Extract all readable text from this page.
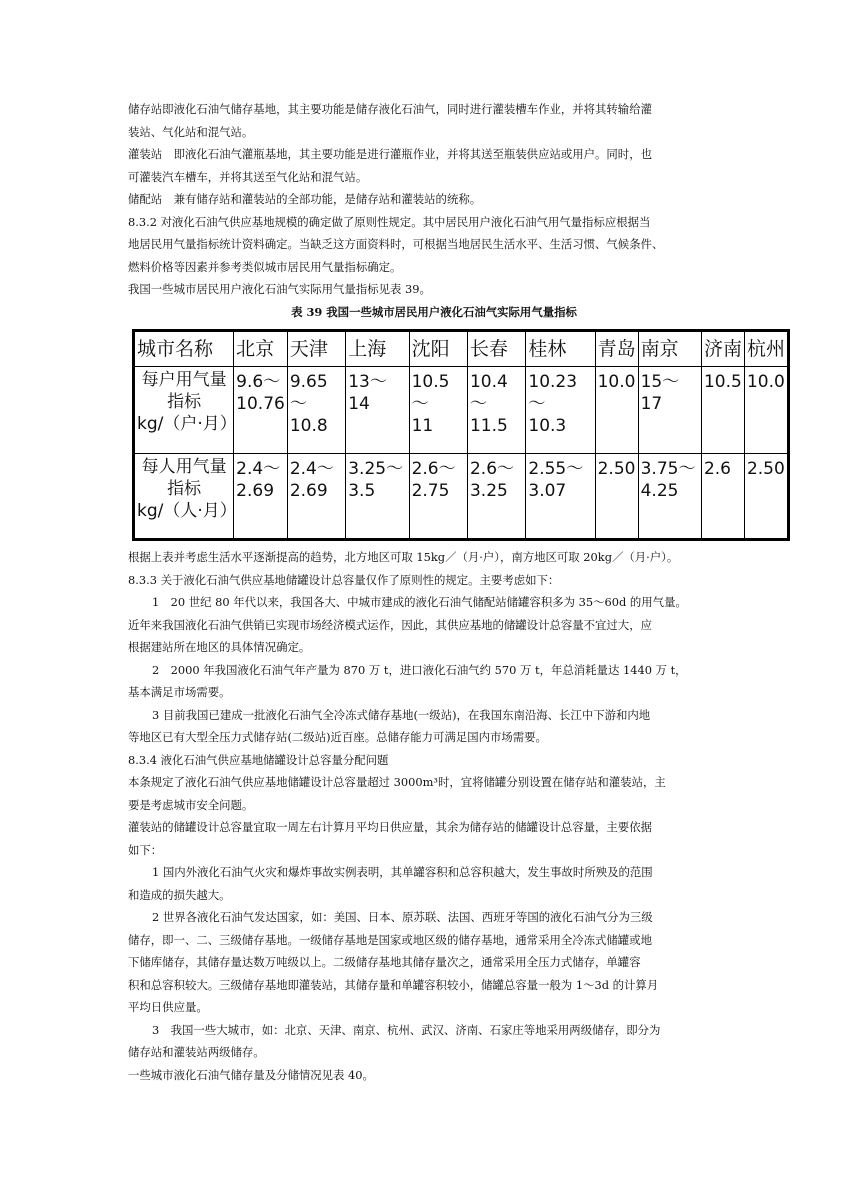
储存站即液化石油气储存基地，其主要功能是储存液化石油气，同时进行灌装槽车作业，并将其转输给灌
装站、气化站和混气站。
灌装站　即液化石油气灌瓶基地，其主要功能是进行灌瓶作业，并将其送至瓶装供应站或用户。同时，也
可灌装汽车槽车，并将其送至气化站和混气站。
储配站　兼有储存站和灌装站的全部功能，是储存站和灌装站的统称。
8.3.2 对液化石油气供应基地规模的确定做了原则性规定。其中居民用户液化石油气用气量指标应根据当
地居民用气量指标统计资料确定。当缺乏这方面资料时，可根据当地居民生活水平、生活习惯、气候条件、
燃料价格等因素并参考类似城市居民用气量指标确定。
我国一些城市居民用户液化石油气实际用气量指标见表 39。
表 39 我国一些城市居民用户液化石油气实际用气量指标
城市名称	北京	天津	上海	沈阳	长春	桂林	青岛	南京	济南	杭州
每户用气量
指标
kg/（户·月）	9.6～
10.76	9.65～
10.8	13～14	10.5～
11	10.4～
11.5	10.23～
10.3	10.0	15～17	10.5	10.0
每人用气量
指标
kg/（人·月）	2.4～
2.69	2.4～
2.69	3.25～
3.5	2.6～
2.75	2.6～
3.25	2.55～
3.07	2.50	3.75～
4.25	2.6	2.50
根据上表并考虑生活水平逐渐提高的趋势，北方地区可取 15kg／（月·户），南方地区可取 20kg／（月·户）。
8.3.3 关于液化石油气供应基地储罐设计总容量仅作了原则性的规定。主要考虑如下：
1　20 世纪 80 年代以来，我国各大、中城市建成的液化石油气储配站储罐容积多为 35～60d 的用气量。
近年来我国液化石油气供销已实现市场经济模式运作，因此，其供应基地的储罐设计总容量不宜过大，应
根据建站所在地区的具体情况确定。
2　2000 年我国液化石油气年产量为 870 万 t，进口液化石油气约 570 万 t，年总消耗量达 1440 万 t，
基本满足市场需要。
3 目前我国已建成一批液化石油气全冷冻式储存基地(一级站)，在我国东南沿海、长江中下游和内地
等地区已有大型全压力式储存站(二级站)近百座。总储存能力可满足国内市场需要。
8.3.4 液化石油气供应基地储罐设计总容量分配问题
本条规定了液化石油气供应基地储罐设计总容量超过 3000m³时，宜将储罐分别设置在储存站和灌装站，主
要是考虑城市安全问题。
灌装站的储罐设计总容量宜取一周左右计算月平均日供应量，其余为储存站的储罐设计总容量，主要依据
如下：
1 国内外液化石油气火灾和爆炸事故实例表明，其单罐容积和总容积越大，发生事故时所殃及的范围
和造成的损失越大。
2 世界各液化石油气发达国家，如：美国、日本、原苏联、法国、西班牙等国的液化石油气分为三级
储存，即一、二、三级储存基地。一级储存基地是国家或地区级的储存基地，通常采用全冷冻式储罐或地
下储库储存，其储存量达数万吨级以上。二级储存基地其储存量次之，通常采用全压力式储存，单罐容
积和总容积较大。三级储存基地即灌装站，其储存量和单罐容积较小，储罐总容量一般为 1～3d 的计算月
平均日供应量。
3　我国一些大城市，如：北京、天津、南京、杭州、武汉、济南、石家庄等地采用两级储存，即分为
储存站和灌装站两级储存。
一些城市液化石油气储存量及分储情况见表 40。
